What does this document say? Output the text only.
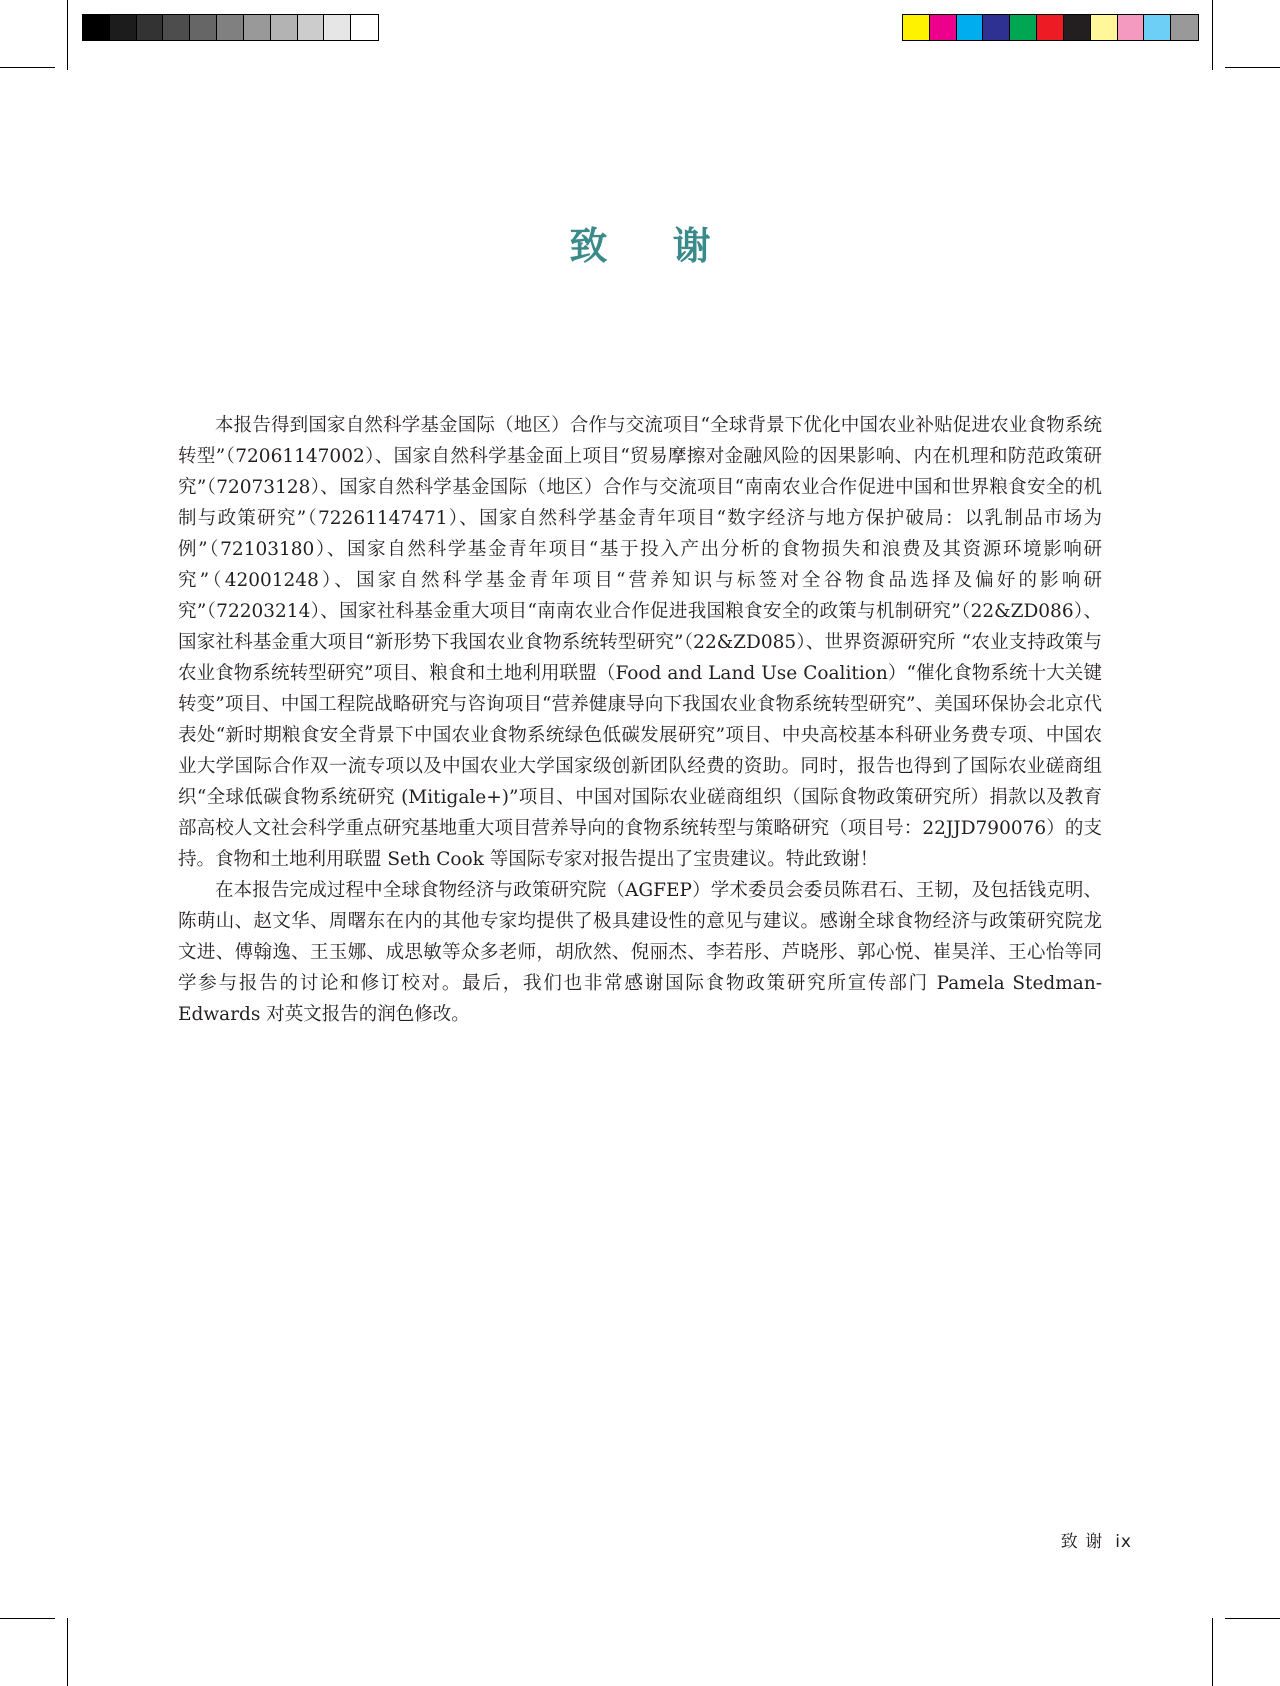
致 谢

本报告得到国家自然科学基金国际（地区）合作与交流项目“全球背景下优化中国农业补贴促进农业食物系统转型”（72061147002）、国家自然科学基金面上项目“贸易摩擦对金融风险的因果影响、内在机理和防范政策研究”（72073128）、国家自然科学基金国际（地区）合作与交流项目“南南农业合作促进中国和世界粮食安全的机制与政策研究”（72261147471）、国家自然科学基金青年项目“数字经济与地方保护破局：以乳制品市场为例”（72103180）、国家自然科学基金青年项目“基于投入产出分析的食物损失和浪费及其资源环境影响研究”（42001248）、国家自然科学基金青年项目“营养知识与标签对全谷物食品选择及偏好的影响研究”（72203214）、国家社科基金重大项目“南南农业合作促进我国粮食安全的政策与机制研究”（22&ZD086）、国家社科基金重大项目“新形势下我国农业食物系统转型研究”（22&ZD085）、世界资源研究所 “农业支持政策与农业食物系统转型研究”项目、粮食和土地利用联盟（Food and Land Use Coalition）“催化食物系统十大关键转变”项目、中国工程院战略研究与咨询项目“营养健康导向下我国农业食物系统转型研究”、美国环保协会北京代表处“新时期粮食安全背景下中国农业食物系统绿色低碳发展研究”项目、中央高校基本科研业务费专项、中国农业大学国际合作双一流专项以及中国农业大学国家级创新团队经费的资助。同时，报告也得到了国际农业磋商组织“全球低碳食物系统研究 (Mitigale+)”项目、中国对国际农业磋商组织（国际食物政策研究所）捐款以及教育部高校人文社会科学重点研究基地重大项目营养导向的食物系统转型与策略研究（项目号：22JJD790076）的支持。食物和土地利用联盟 Seth Cook 等国际专家对报告提出了宝贵建议。特此致谢！

在本报告完成过程中全球食物经济与政策研究院（AGFEP）学术委员会委员陈君石、王韧，及包括钱克明、陈萌山、赵文华、周曙东在内的其他专家均提供了极具建设性的意见与建议。感谢全球食物经济与政策研究院龙文进、傅翰逸、王玉娜、成思敏等众多老师，胡欣然、倪丽杰、李若彤、芦晓彤、郭心悦、崔昊洋、王心怡等同学参与报告的讨论和修订校对。最后，我们也非常感谢国际食物政策研究所宣传部门 Pamela Stedman-Edwards 对英文报告的润色修改。

致 谢 ix
